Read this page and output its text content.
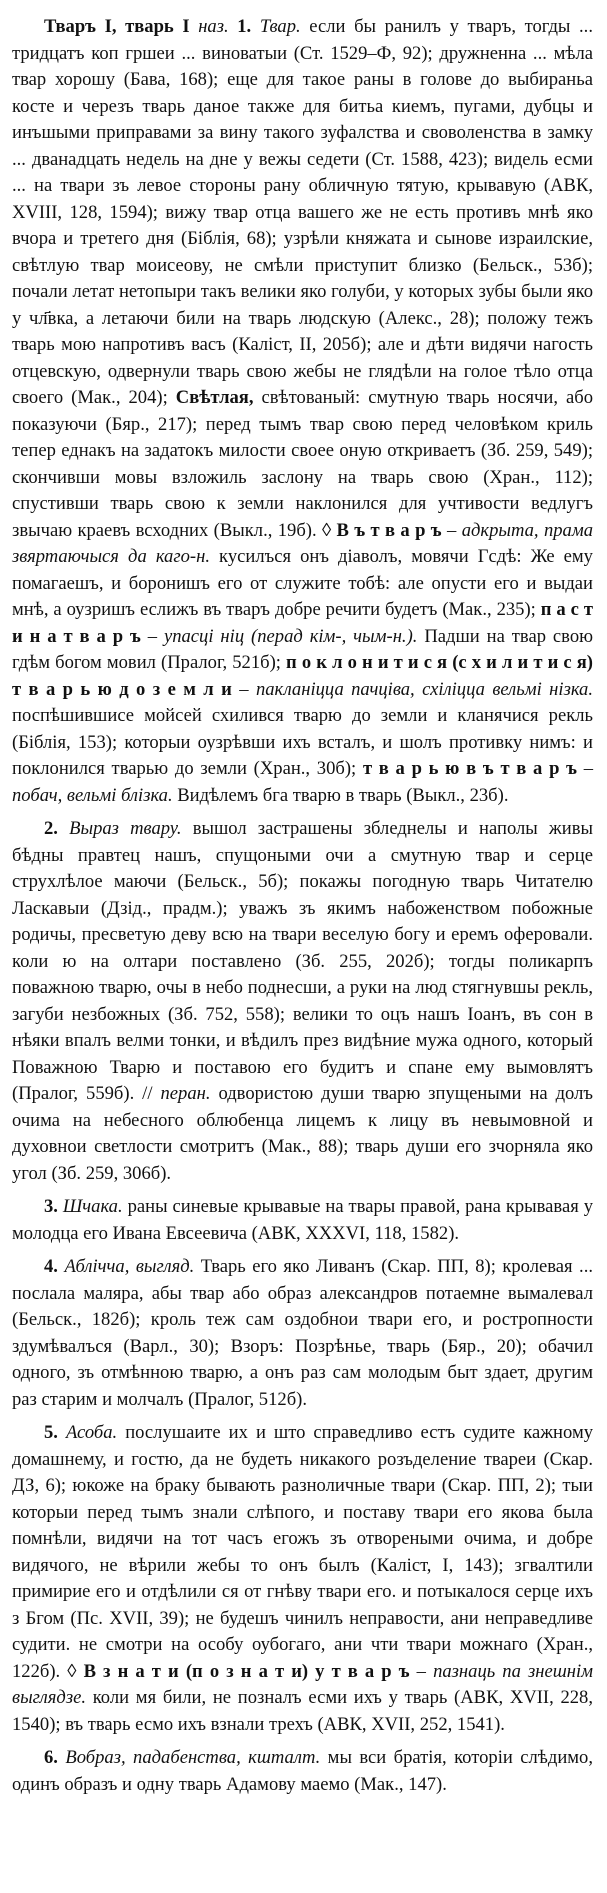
Тваръ I, тварь I наз. 1. Твар. если бы ранилъ у тваръ, тогды ... тридцатъ коп гршеи ... виноватыи (Ст. 1529–Ф, 92); дружненна ... мѣла твар хорошу (Бава, 168); еще для такое раны в голове до выбираньа косте и черезъ тварь даное также для битьа киемъ, пугами, дубцы и инъшыми приправами за вину такого зуфалства и своволенства в замку ... дванадцать недель на дне у вежы седети (Ст. 1588, 423); видель есми ... на твари зъ левое стороны рану обличную тятую, крывавую (АВК, XVIII, 128, 1594); вижу твар отца вашего же не есть противъ мнѣ яко вчора и третего дня (Біблія, 68); узрѣли княжата и сынове израилские, свѣтлую твар моисеову, не смѣли приступит близко (Бельск., 53б); почали летат нетопыри такъ велики яко голуби, у которых зубы были яко у чл҃вка, а летаючи били на тварь людскую (Алекс., 28); положу тежъ тварь мою напротивъ васъ (Каліст, II, 205б); але и дѣти видячи нагость отцевскую, одвернули тварь свою жебы не глядѣли на голое тѣло отца своего (Мак., 204); Свѣтлая, свѣтованый: смутную тварь носячи, або показуючи (Бяр., 217); перед тымъ твар свою перед человѣком криль тепер еднакъ на задатокъ милости своее оную откриваетъ (Зб. 259, 549); скончивши мовы взложиль заслону на тварь свою (Хран., 112); спустивши тварь свою к земли наклонился для учтивости ведлугъ звычаю краевъ всходних (Выкл., 19б). ◊ В ъ т в а р ъ – адкрыта, прама звяртаючыся да каго-н. кусилъся онъ діаволъ, мовячи Гсдѣ: Же ему помагаешъ, и боронишъ его от служите тобѣ: але опусти его и выдаи мнѣ, а оузришъ еслижъ въ тваръ добре речити будетъ (Мак., 235); п а с т и н а т в а р ъ – упасці ніц (перад кім-, чым-н.). Падши на твар свою гдѣм богом мовил (Пралог, 521б); п о к л о н и т и с я (с х и л и т и с я) т в а р ь ю д о з е м л и – пакланіцца пачціва, схіліцца вельмі нізка. поспѣшившисе мойсей схилився тварю до земли и кланячися рекль (Біблія, 153); которыи оузрѣвши ихъ всталъ, и шолъ противку нимъ: и поклонился тварью до земли (Хран., 30б); т в а р ь ю в ъ т в а р ъ – побач, вельмі блізка. Видѣлемъ бга тварю в тварь (Выкл., 23б).

2. Выраз твару. вышол застрашены збледнелы и наполы живы бѣдны правтец нашъ, спущоными очи а смутную твар и серце струхлѣлое маючи (Бельск., 5б); покажы погодную тварь Читателю Ласкавыи (Дзід., прадм.); уважъ зъ якимъ набоженством побожные родичы, пресветую деву всю на твари веселую богу и еремъ оферовали. коли ю на олтари поставлено (Зб. 255, 202б); тогды поликарпъ поважною тварю, очы в небо поднесши, а руки на люд стягнувшы рекль, загуби незбожных (Зб. 752, 558); велики то оцъ нашъ Іоанъ, въ сон в нѣяки впалъ велми тонки, и вѣдилъ през видѣние мужа одного, который Поважною Тварю и поставою его будитъ и спане ему вымовлятъ (Пралог, 559б). // перан. одвористою души тварю зпущеными на долъ очима на небесного облюбенца лицемъ к лицу въ невымовной и духовнои светлости смотритъ (Мак., 88); тварь души его зчорняла яко угол (Зб. 259, 306б).

3. Шчака. раны синевые крывавые на твары правой, рана крывавая у молодца его Ивана Евсеевича (АВК, XXXVI, 118, 1582).

4. Аблічча, выгляд. Тварь его яко Ливанъ (Скар. ПП, 8); кролевая ... послала маляра, абы твар або образ александров потаемне вымалевал (Бельск., 182б); кроль теж сам оздобнои твари его, и ростропности здумѣвалъся (Варл., 30); Взоръ: Позрѣнье, тварь (Бяр., 20); обачил одного, зъ отмѣнною тварю, а онъ раз сам молодым быт здает, другим раз старим и молчалъ (Пралог, 512б).

5. Асоба. послушаите их и што справедливо естъ судите кажному домашнему, и гостю, да не будеть никакого розъделение твареи (Скар. ДЗ, 6); юкоже на браку бывають разноличные твари (Скар. ПП, 2); тыи которыи перед тымъ знали слѣпого, и поставу твари его якова была помнѣли, видячи на тот часъ егожъ зъ отвореными очима, и добре видячого, не вѣрили жебы то онъ былъ (Каліст, I, 143); згвалтили примирие его и отдѣлили ся от гнѣву твари его. и потыкалося серце ихъ з Бгом (Пс. XVII, 39); не будешъ чинилъ неправости, ани неправедливе судити. не смотри на особу оубогаго, ани чти твари можнаго (Хран., 122б). ◊ В з н а т и (п о з н а т и) у т в а р ъ – пазнаць па знешнім выглядзе. коли мя били, не позналъ есми ихъ у тварь (АВК, XVII, 228, 1540); въ тварь есмо ихъ взнали трехъ (АВК, XVII, 252, 1541).

6. Вобраз, падабенства, кшталт. мы вси братія, которіи слѣдимо, одинъ образъ и одну тварь Адамову маемо (Мак., 147).
